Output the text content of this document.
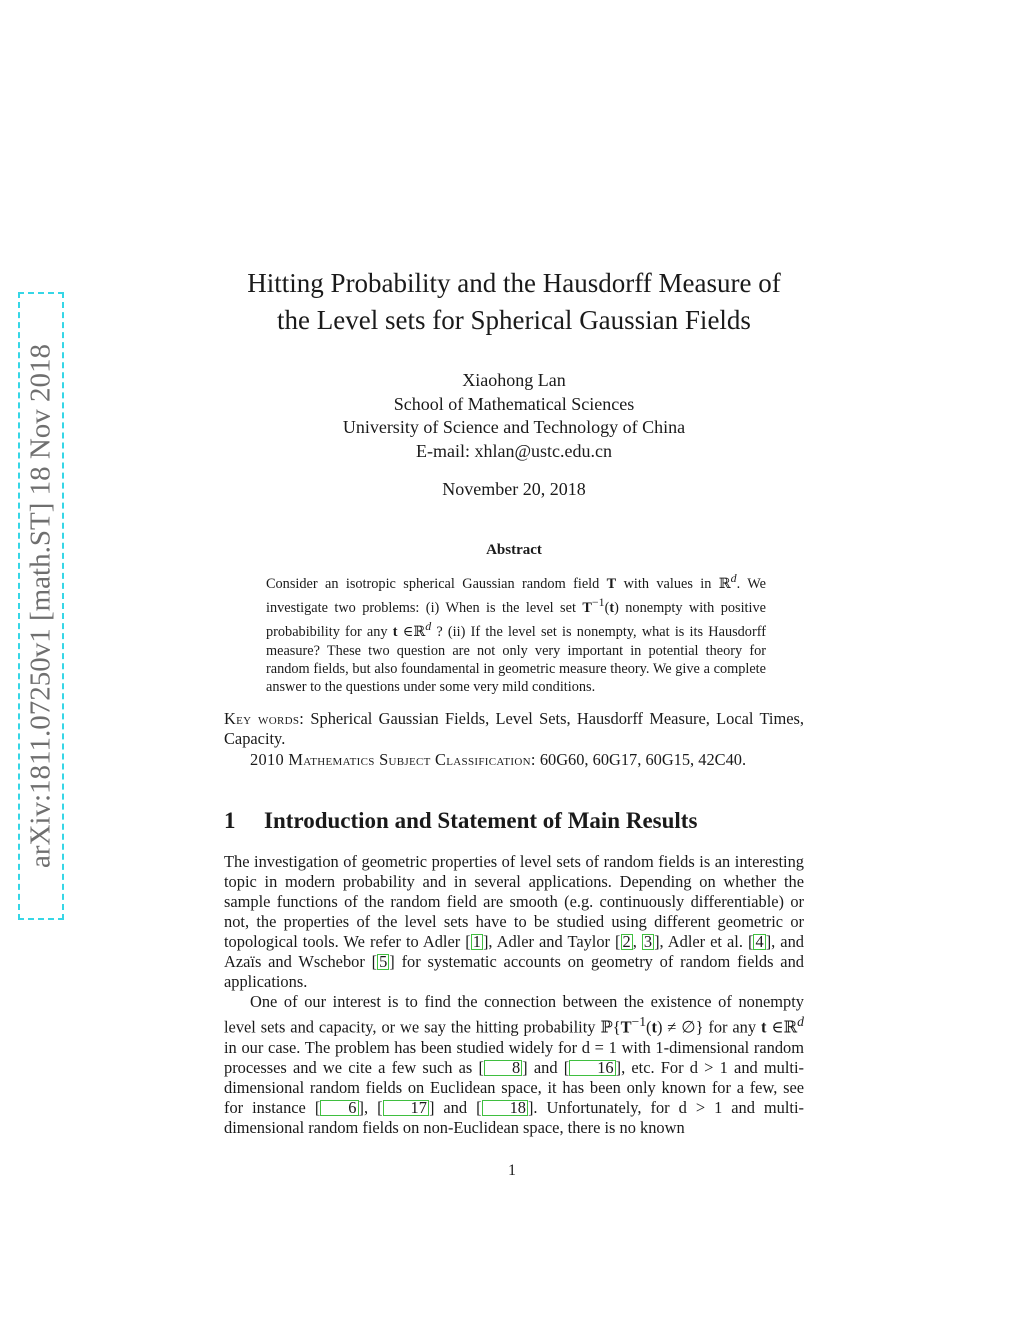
arXiv:1811.07250v1 [math.ST] 18 Nov 2018
Hitting Probability and the Hausdorff Measure of
the Level sets for Spherical Gaussian Fields
Xiaohong Lan
School of Mathematical Sciences
University of Science and Technology of China
E-mail: xhlan@ustc.edu.cn
November 20, 2018
Abstract
Consider an isotropic spherical Gaussian random field T with values in ℝ$^d$. We investigate two problems: (i) When is the level set $T^{-1}(t)$ nonempty with positive probabibility for any t ∈ℝ$^d$ ? (ii) If the level set is nonempty, what is its Hausdorff measure? These two question are not only very important in potential theory for random fields, but also foundamental in geometric measure theory. We give a complete answer to the questions under some very mild conditions.

Key words: Spherical Gaussian Fields, Level Sets, Hausdorff Measure, Local Times, Capacity.

2010 Mathematics Subject Classification: 60G60, 60G17, 60G15, 42C40.

1 Introduction and Statement of Main Results

The investigation of geometric properties of level sets of random fields is an interesting topic in modern probability and in several applications. Depending on whether the sample functions of the random field are smooth (e.g. continuously differentiable) or not, the properties of the level sets have to be studied using different geometric or topological tools. We refer to Adler [ 1 ], Adler and Taylor [ 2 , 3 ], Adler et al. [ 4 ], and Azaïs and Wschebor [ 5 ] for systematic accounts on geometry of random fields and applications.

One of our interest is to find the connection between the existence of nonempty level sets and capacity, or we say the hitting probability $ℙ\{T^{-1}(t)$ ≠ ∅} for any t ∈ℝ$^d$ in our case. The problem has been studied widely for d = 1 with 1-dimensional random processes and we cite a few such as [ 8 ] and [ 16 ], etc. For d > 1 and multi-dimensional random fields on Euclidean space, it has been only known for a few, see for instance [ 6 ], [ 17 ] and [ 18 ]. Unfortunately, for d > 1 and multi-dimensional random fields on non-Euclidean space, there is no known

1
